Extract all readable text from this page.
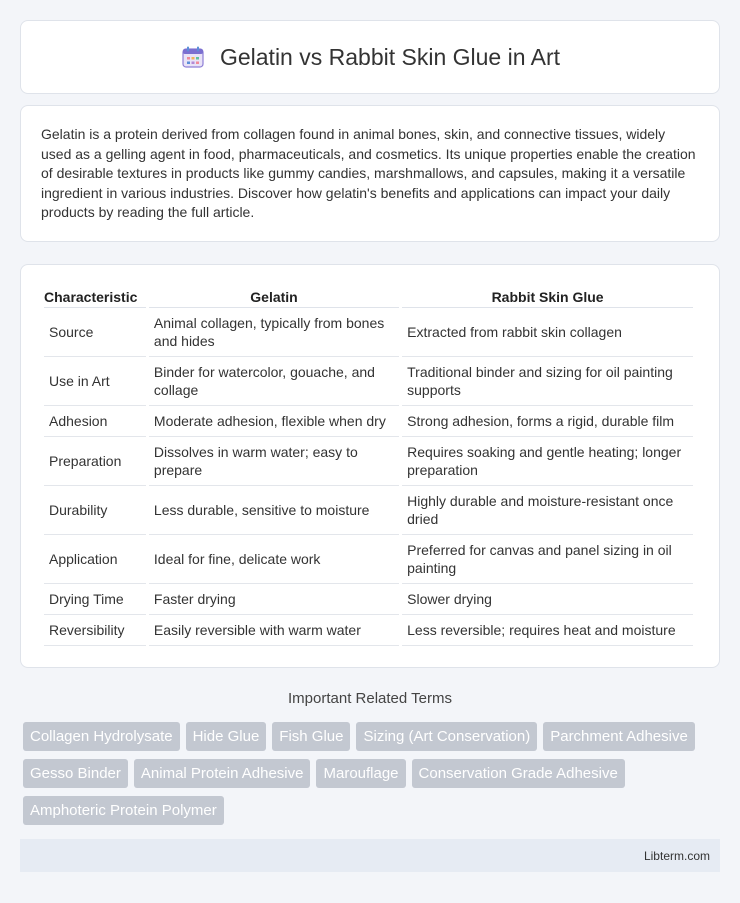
Gelatin vs Rabbit Skin Glue in Art

Gelatin is a protein derived from collagen found in animal bones, skin, and connective tissues, widely used as a gelling agent in food, pharmaceuticals, and cosmetics. Its unique properties enable the creation of desirable textures in products like gummy candies, marshmallows, and capsules, making it a versatile ingredient in various industries. Discover how gelatin's benefits and applications can impact your daily products by reading the full article.

Characteristic	Gelatin	Rabbit Skin Glue
Source	Animal collagen, typically from bones and hides	Extracted from rabbit skin collagen
Use in Art	Binder for watercolor, gouache, and collage	Traditional binder and sizing for oil painting supports
Adhesion	Moderate adhesion, flexible when dry	Strong adhesion, forms a rigid, durable film
Preparation	Dissolves in warm water; easy to prepare	Requires soaking and gentle heating; longer preparation
Durability	Less durable, sensitive to moisture	Highly durable and moisture-resistant once dried
Application	Ideal for fine, delicate work	Preferred for canvas and panel sizing in oil painting
Drying Time	Faster drying	Slower drying
Reversibility	Easily reversible with warm water	Less reversible; requires heat and moisture
Important Related Terms
Collagen Hydrolysate	Hide Glue	Fish Glue	Sizing (Art Conservation)	Parchment Adhesive
Gesso Binder	Animal Protein Adhesive	Marouflage	Conservation Grade Adhesive
Amphoteric Protein Polymer
Libterm.com
